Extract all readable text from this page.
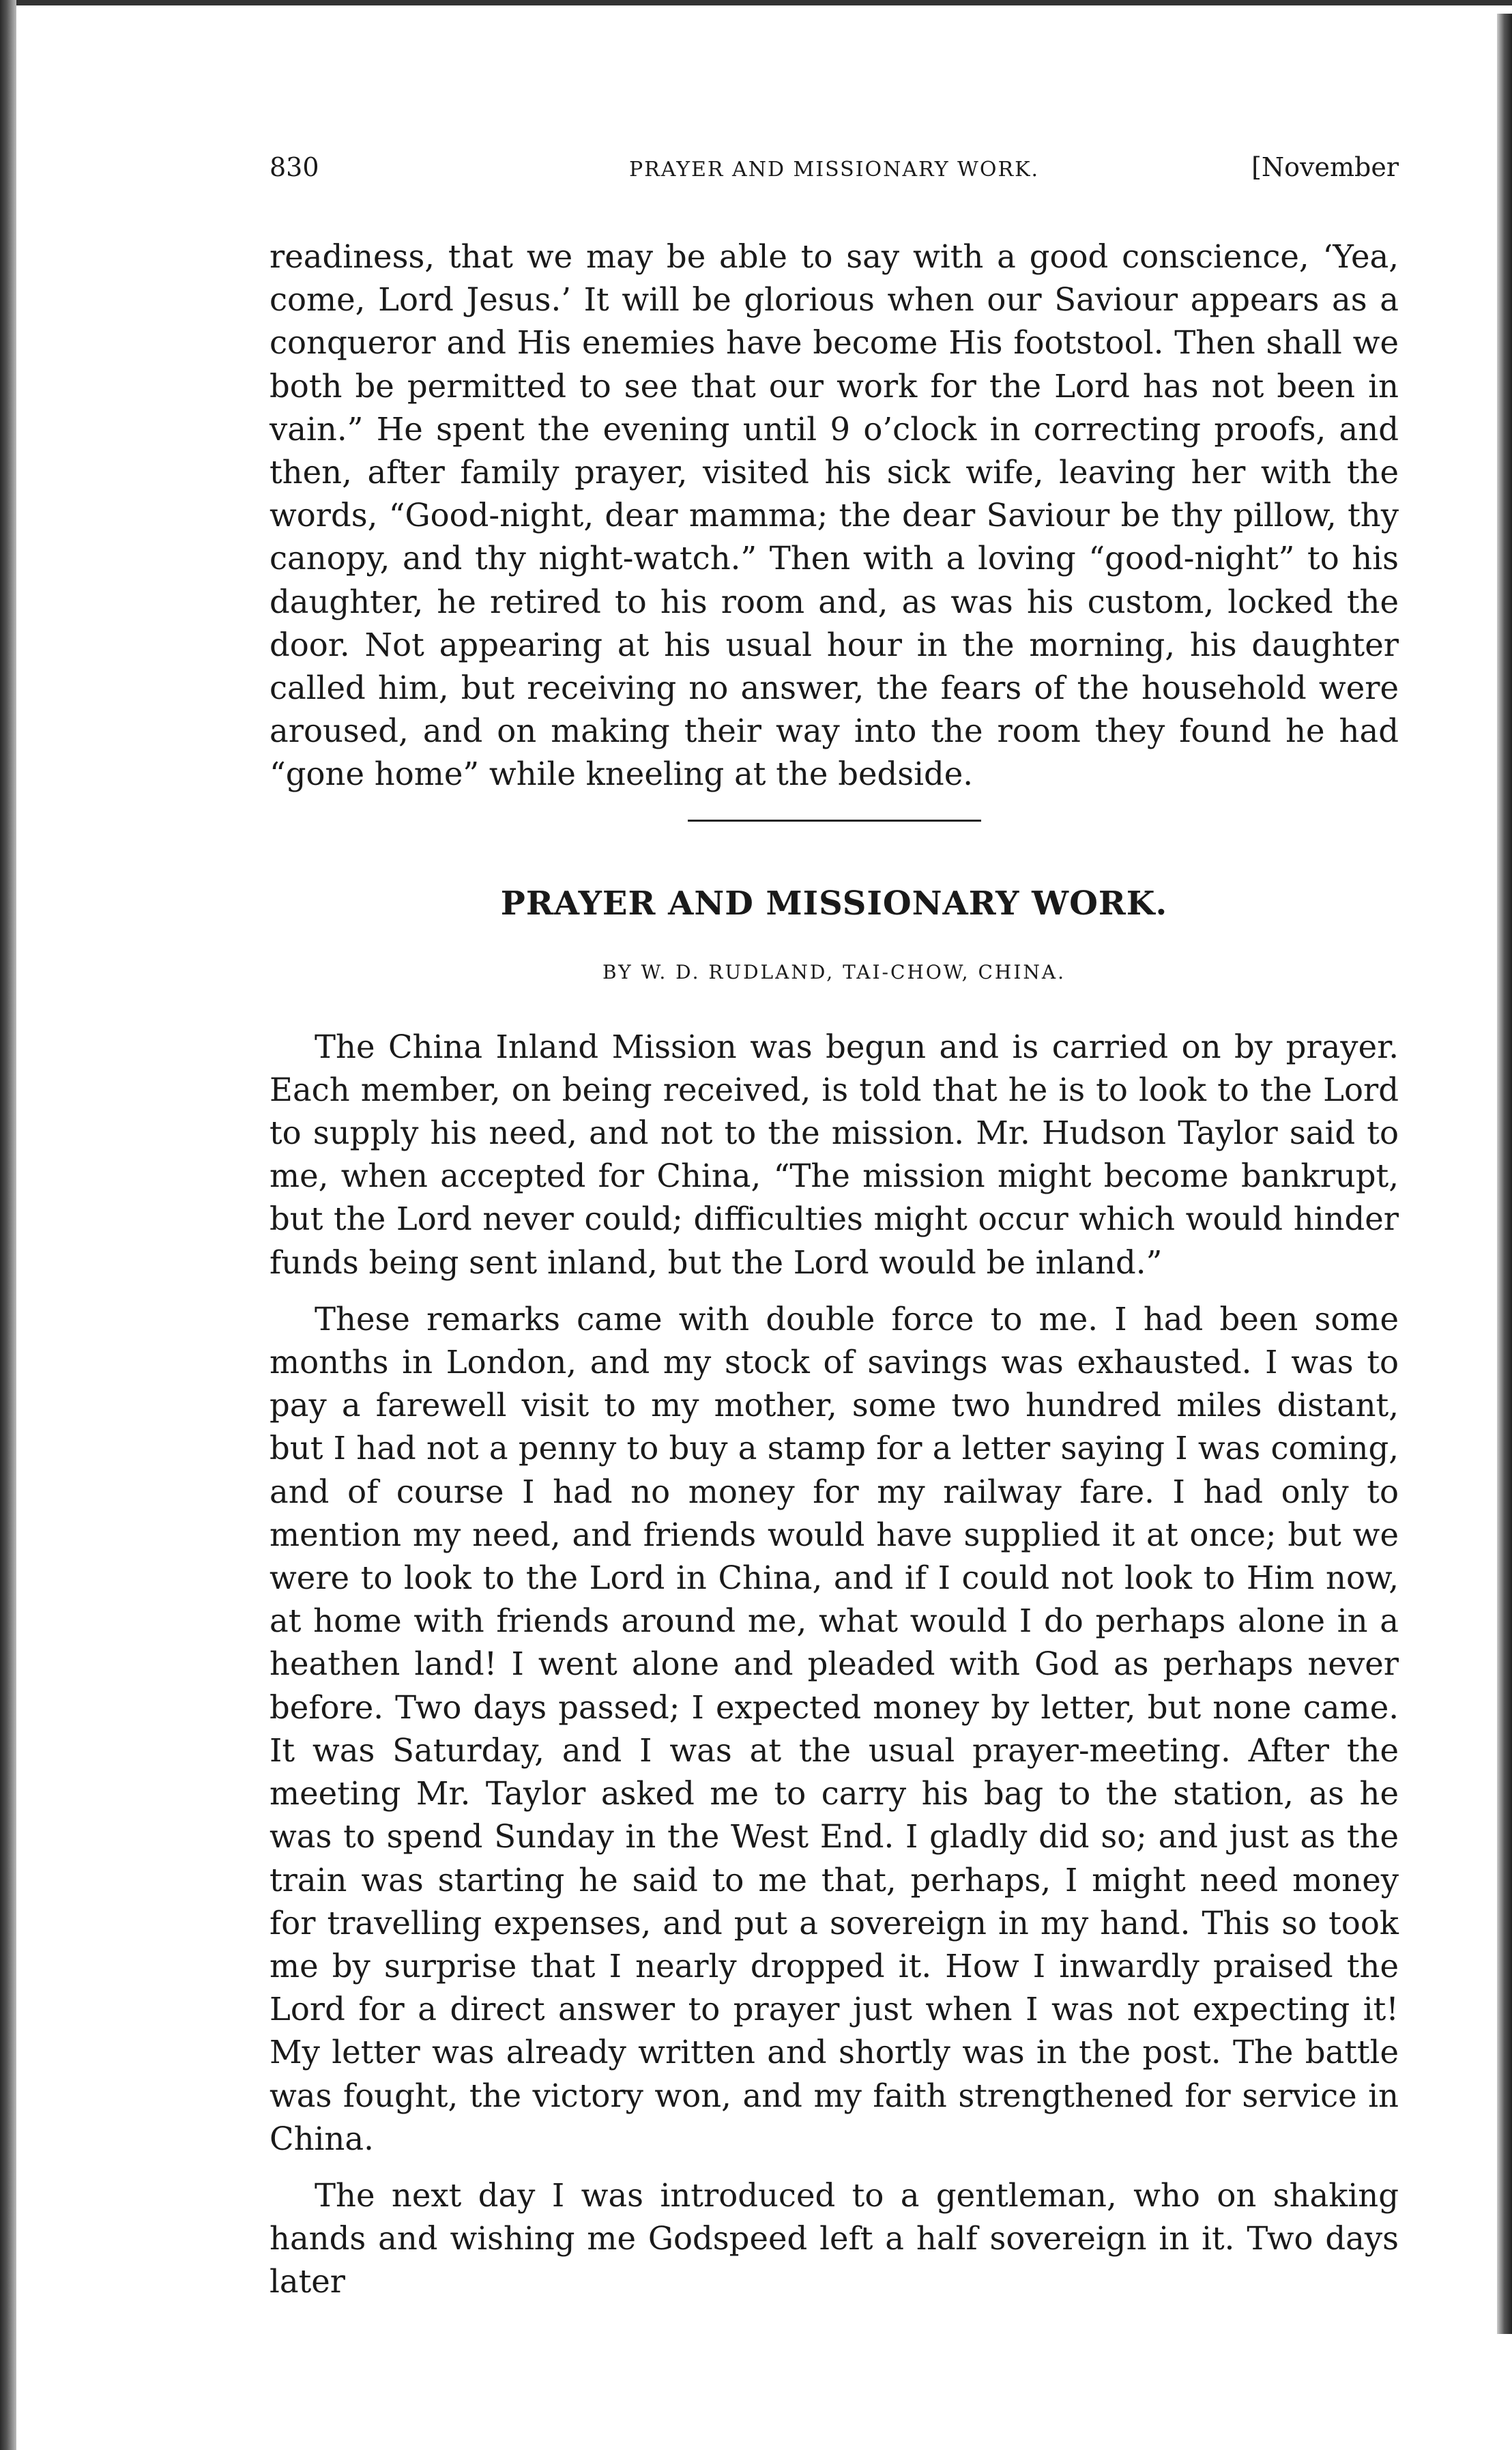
830	PRAYER AND MISSIONARY WORK.	[November

readiness, that we may be able to say with a good conscience, ‘Yea, come, Lord Jesus.’ It will be glorious when our Saviour appears as a conqueror and His enemies have become His footstool. Then shall we both be permitted to see that our work for the Lord has not been in vain.” He spent the evening until 9 o’clock in correcting proofs, and then, after family prayer, visited his sick wife, leaving her with the words, “Good-night, dear mamma; the dear Saviour be thy pillow, thy canopy, and thy night-watch.” Then with a loving “good-night” to his daughter, he retired to his room and, as was his custom, locked the door. Not appearing at his usual hour in the morning, his daughter called him, but receiving no answer, the fears of the household were aroused, and on making their way into the room they found he had “gone home” while kneeling at the bedside.

PRAYER AND MISSIONARY WORK.
BY W. D. RUDLAND, TAI-CHOW, CHINA.

The China Inland Mission was begun and is carried on by prayer. Each member, on being received, is told that he is to look to the Lord to supply his need, and not to the mission. Mr. Hudson Taylor said to me, when accepted for China, “The mission might become bankrupt, but the Lord never could; difficulties might occur which would hinder funds being sent inland, but the Lord would be inland.”

These remarks came with double force to me. I had been some months in London, and my stock of savings was exhausted. I was to pay a farewell visit to my mother, some two hundred miles distant, but I had not a penny to buy a stamp for a letter saying I was coming, and of course I had no money for my railway fare. I had only to mention my need, and friends would have supplied it at once; but we were to look to the Lord in China, and if I could not look to Him now, at home with friends around me, what would I do perhaps alone in a heathen land! I went alone and pleaded with God as perhaps never before. Two days passed; I expected money by letter, but none came. It was Saturday, and I was at the usual prayer-meeting. After the meeting Mr. Taylor asked me to carry his bag to the station, as he was to spend Sunday in the West End. I gladly did so; and just as the train was starting he said to me that, perhaps, I might need money for travelling expenses, and put a sovereign in my hand. This so took me by surprise that I nearly dropped it. How I inwardly praised the Lord for a direct answer to prayer just when I was not expecting it! My letter was already written and shortly was in the post. The battle was fought, the victory won, and my faith strengthened for service in China.

The next day I was introduced to a gentleman, who on shaking hands and wishing me Godspeed left a half sovereign in it. Two days later
